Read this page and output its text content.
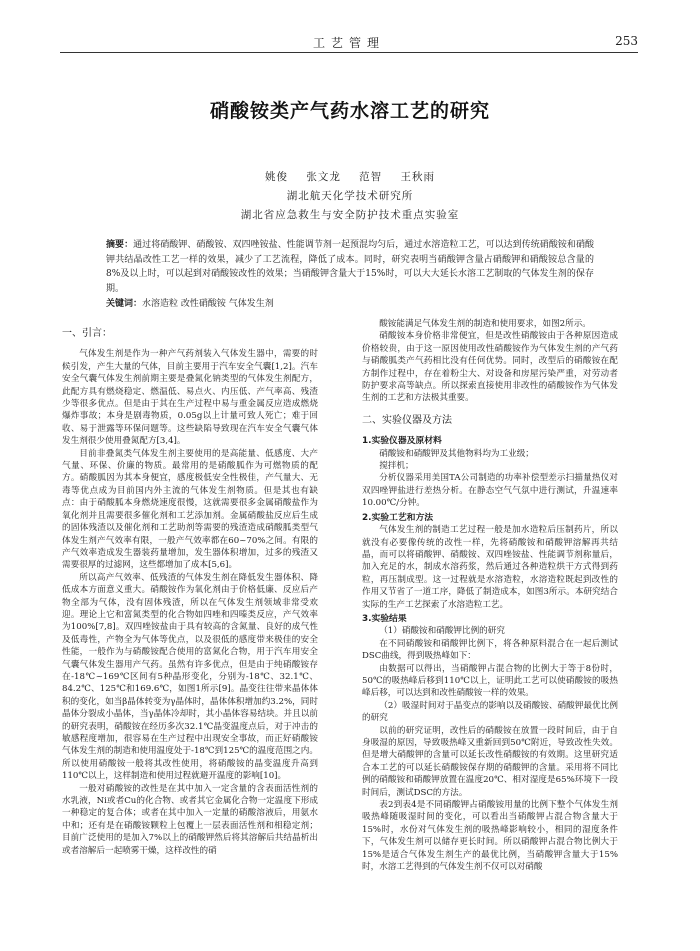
工艺管理	253
硝酸铵类产气药水溶工艺的研究
姚俊 张文龙 范智 王秋雨
湖北航天化学技术研究所
湖北省应急救生与安全防护技术重点实验室
摘要：通过将硝酸钾、硝酸铵、双四唑铵盐、性能调节剂一起预混均匀后，通过水溶造粒工艺，可以达到传统硝酸铵和硝酸钾共结晶改性工艺一样的效果，减少了工艺流程，降低了成本。同时，研究表明当硝酸钾含量占硝酸钾和硝酸铵总含量的8%及以上时，可以起到对硝酸铵改性的效果；当硝酸钾含量大于15%时，可以大大延长水溶工艺制取的气体发生剂的保存期。
关键词：水溶造粒 改性硝酸铵 气体发生剂

一、引言：

气体发生剂是作为一种产气药剂装入气体发生器中，需要的时候引发，产生大量的气体，目前主要用于汽车安全气囊[1,2]。汽车安全气囊气体发生剂前期主要是叠氮化钠类型的气体发生剂配方，此配方具有燃烧稳定、燃温低、易点火、内压低、产气率高、残渣少等很多优点。但是由于其在生产过程中易与重金属反应造成燃烧爆炸事故；本身是剧毒物质，0.05g以上计量可致人死亡；难于回收、易于泄露等环保问题等。这些缺陷导致现在汽车安全气囊气体发生剂很少使用叠氮配方[3,4]。

目前非叠氮类气体发生剂主要使用的是高能量、低感度、大产气量、环保、价廉的物质。最常用的是硝酸胍作为可燃物质的配方。硝酸胍因为其本身便宜，感度极低安全性极佳，产气量大、无毒等优点成为目前国内外主流的气体发生剂物质。但是其也有缺点：由于硝酸胍本身燃烧速度很慢，这就需要很多金属硝酸盐作为氧化剂并且需要很多催化剂和工艺添加剂。金属硝酸盐反应后生成的固体残渣以及催化剂和工艺助剂等需要的残渣造成硝酸胍类型气体发生剂产气效率有限，一般产气效率都在60~70%之间。有限的产气效率造成发生器装药量增加，发生器体积增加，过多的残渣又需要很厚的过滤网，这些都增加了成本[5,6]。

所以高产气效率、低残渣的气体发生剂在降低发生器体积、降低成本方面意义重大。硝酸铵作为氧化剂由于价格低廉、反应后产物全部为气体，没有固体残渣，所以在气体发生剂领域非常受欢迎。理论上它和富氮类型的化合物如四唑和四嗪类反应，产气效率为100%[7,8]。双四唑铵盐由于具有较高的含氮量、良好的成气性及低毒性，产物全为气体等优点，以及很低的感度带来极佳的安全性能，一般作为与硝酸铵配合使用的富氮化合物，用于汽车用安全气囊气体发生器用产气药。虽然有许多优点，但是由于纯硝酸铵存在-18℃~169℃区间有5种晶形变化，分别为-18℃、32.1℃、84.2℃、125℃和169.6℃，如图1所示[9]。晶变往往带来晶体体积的变化，如当β晶体转变为γ晶体时，晶体体积增加约3.2%，同时晶体分裂成小晶体，当γ晶体冷却时，其小晶体容易结块。并且以前的研究表明，硝酸铵在经历多次32.1℃晶变温度点后，对于冲击的敏感程度增加，很容易在生产过程中出现安全事故，而正好硝酸铵气体发生剂的制造和使用温度处于-18℃到125℃的温度范围之内。所以使用硝酸铵一般将其改性使用，将硝酸铵的晶变温度升高到110℃以上，这样制造和使用过程就避开温度的影响[10]。

一般对硝酸铵的改性是在其中加入一定含量的含表面活性剂的水乳液，Ni或者Cu的化合物、或者其它金属化合物一定温度下形成一种稳定的复合体；或者在其中加入一定量的硝酸溶液后，用氨水中和；还有是在硝酸铵颗粒上包覆上一层表面活性剂和相稳定剂；目前广泛使用的是加入7%以上的硝酸钾然后将其溶解后共结晶析出或者溶解后一起喷雾干燥，这样改性的硝

酸铵能满足气体发生剂的制造和使用要求，如图2所示。

硝酸铵本身价格非常便宜，但是改性硝酸铵由于各种原因造成价格较贵，由于这一原因使用改性硝酸铵作为气体发生剂的产气药与硝酸胍类产气药相比没有任何优势。同时，改型后的硝酸铵在配方制作过程中，存在着粉尘大、对设备和房屋污染严重，对劳动者防护要求高等缺点。所以探索直接使用非改性的硝酸铵作为气体发生剂的工艺和方法极其重要。

二、实验仪器及方法

1.实验仪器及原材料

硝酸铵和硝酸钾及其他物料均为工业级；

搅拌机；

分析仪器采用美国TA公司制造的功率补偿型差示扫描量热仪对双四唑钾盐进行差热分析。在静态空气气氛中进行测试，升温速率10.00℃/分钟。

2.实验工艺和方法

气体发生剂的制造工艺过程一般是加水造粒后压制药片，所以就没有必要像传统的改性一样，先将硝酸铵和硝酸钾溶解再共结晶，而可以将硝酸钾、硝酸铵、双四唑铵盐、性能调节剂称量后，加入充足的水，制成水溶药浆，然后通过各种造粒烘干方式得到药粒，再压制成型。这一过程就是水溶造粒，水溶造粒既起到改性的作用又节省了一道工序，降低了制造成本，如图3所示。本研究结合实际的生产工艺探索了水溶造粒工艺。

3.实验结果

（1）硝酸铵和硝酸钾比例的研究

在不同硝酸铵和硝酸钾比例下，将各种原料混合在一起后测试DSC曲线，得到吸热峰如下：

由数据可以得出，当硝酸钾占混合物的比例大于等于8份时，50℃的吸热峰后移到110℃以上，证明此工艺可以使硝酸铵的吸热峰后移，可以达到和改性硝酸铵一样的效果。

（2）吸湿时间对于晶变点的影响以及硝酸铵、硝酸钾最优比例的研究

以前的研究证明，改性后的硝酸铵在放置一段时间后，由于自身吸湿的原因，导致吸热峰又重新回到50℃附近，导致改性失效。但是增大硝酸钾的含量可以延长改性硝酸铵的有效期。这里研究适合本工艺的可以延长硝酸铵保存期的硝酸钾的含量。采用将不同比例的硝酸铵和硝酸钾放置在温度20℃、相对湿度是65%环境下一段时间后，测试DSC的方法。

表2到表4是不同硝酸钾占硝酸铵用量的比例下整个气体发生剂吸热峰随吸湿时间的变化，可以看出当硝酸钾占混合物含量大于15%时，水份对气体发生剂的吸热峰影响较小，相同的湿度条件下，气体发生剂可以储存更长时间。所以硝酸钾占混合物比例大于15%是适合气体发生剂生产的最优比例，当硝酸钾含量大于15%时，水溶工艺得到的气体发生剂不仅可以对硝酸
